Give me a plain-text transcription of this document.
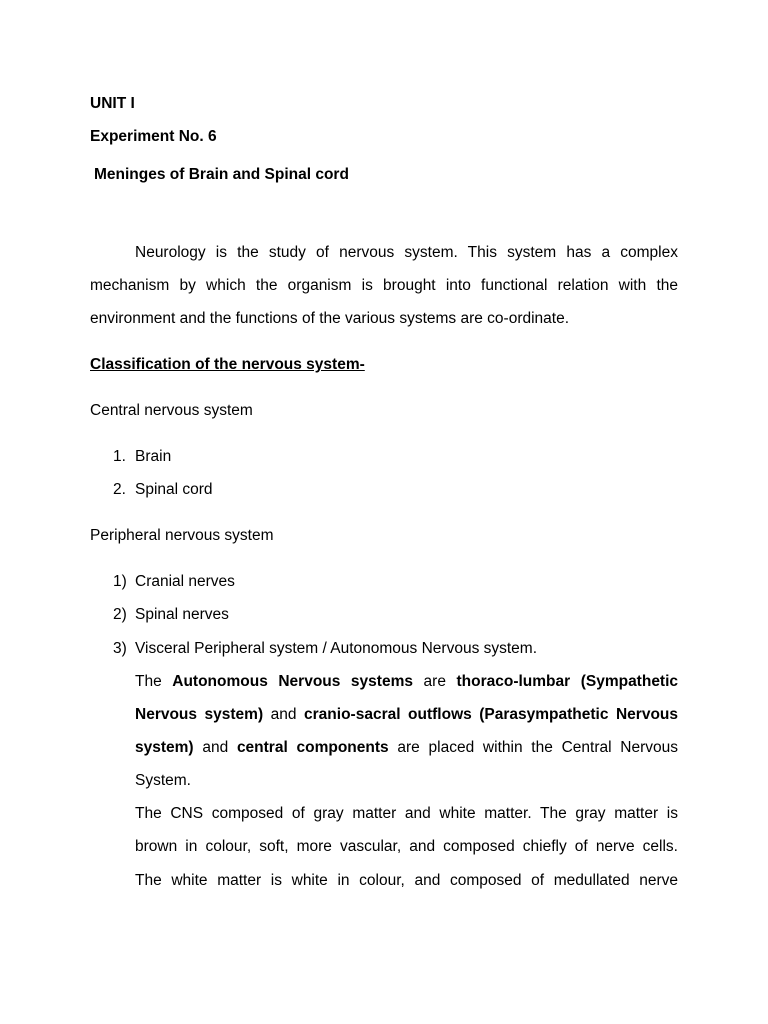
UNIT I
Experiment No. 6
Meninges of Brain and Spinal cord
Neurology is the study of nervous system. This system has a complex
mechanism by which the organism is brought into functional relation with the
environment and the functions of the various systems are co-ordinate.
Classification of the nervous system-
Central nervous system
1. Brain
2. Spinal cord
Peripheral nervous system
1) Cranial nerves
2) Spinal nerves
3) Visceral Peripheral system / Autonomous Nervous system.
The Autonomous Nervous systems are thoraco-lumbar (Sympathetic
Nervous system) and cranio-sacral outflows (Parasympathetic Nervous
system) and central components are placed within the Central Nervous
System.
The CNS composed of gray matter and white matter. The gray matter is
brown in colour, soft, more vascular, and composed chiefly of nerve cells.
The white matter is white in colour, and composed of medullated nerve
